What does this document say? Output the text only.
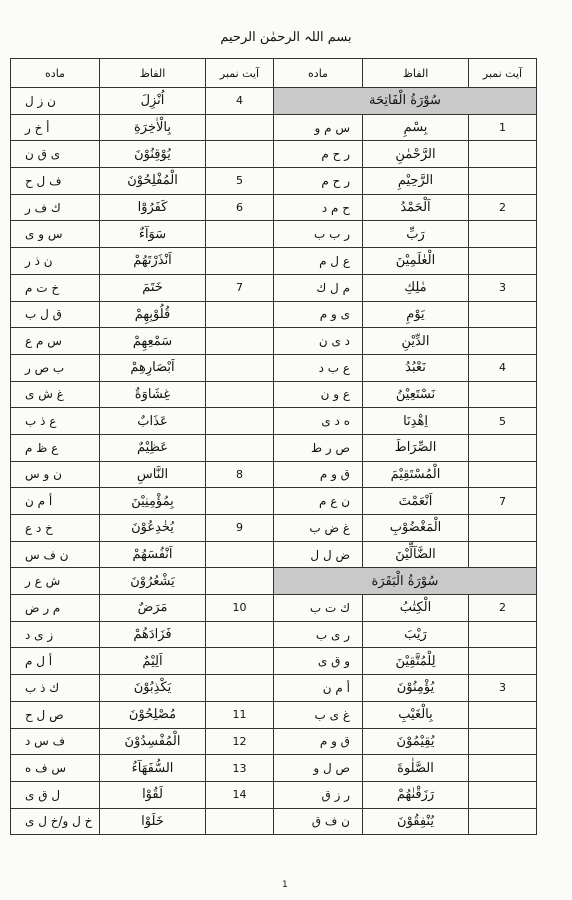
بسم اللہ الرحمٰن الرحیم
آیت نمبر	الفاظ	ماده	آیت نمبر	الفاظ	ماده
سُوْرَةُ الْفَاتِحَة			4	اُنْزِلَ	ن ز ل
1	بِسْمِ	س م و		بِالْاٰخِرَةِ	أ خ ر
	الرَّحْمٰنِ	ر ح م		يُوْقِنُوْنَ	ی ق ن
	الرَّحِيْمِ	ر ح م	5	الْمُفْلِحُوْنَ	ف ل ح
2	اَلْحَمْدُ	ح م د	6	كَفَرُوْا	ك ف ر
	رَبِّ	ر ب ب		سَوَآءٌ	س و ی
	الْعٰلَمِيْنَ	ع ل م		اَنْذَرْتَهُمْ	ن ذ ر
3	مٰلِكِ	م ل ك	7	خَتَمَ	خ ت م
	يَوْمِ	ی و م		قُلُوْبِهِمْ	ق ل ب
	الدِّيْنِ	د ی ن		سَمْعِهِمْ	س م ع
4	نَعْبُدُ	ع ب د		اَبْصَارِهِمْ	ب ص ر
	نَسْتَعِيْنُ	ع و ن		غِشَاوَةٌ	غ ش ی
5	اِهْدِنَا	ه د ی		عَذَابٌ	ع ذ ب
	الصِّرَاطَ	ص ر ط		عَظِيْمٌ	ع ظ م
	الْمُسْتَقِيْمَ	ق و م	8	النَّاسِ	ن و س
7	اَنْعَمْتَ	ن ع م		بِمُؤْمِنِيْنَ	أ م ن
	الْمَغْضُوْبِ	غ ض ب	9	يُخٰدِعُوْنَ	خ د ع
	الضَّآلِّيْنَ	ض ل ل		اَنْفُسَهُمْ	ن ف س
سُوْرَةُ الْبَقَرَة				يَشْعُرُوْنَ	ش ع ر
2	الْكِتٰبُ	ك ت ب	10	مَرَضٌ	م ر ض
	رَيْبَ	ر ی ب		فَزَادَهُمْ	ز ی د
	لِلْمُتَّقِيْنَ	و ق ی		اَلِيْمٌ	أ ل م
3	يُؤْمِنُوْنَ	أ م ن		يَكْذِبُوْنَ	ك ذ ب
	بِالْغَيْبِ	غ ی ب	11	مُصْلِحُوْنَ	ص ل ح
	يُقِيْمُوْنَ	ق و م	12	الْمُفْسِدُوْنَ	ف س د
	الصَّلٰوةَ	ص ل و	13	السُّفَهَآءُ	س ف ه
	رَزَقْنٰهُمْ	ر ز ق	14	لَقُوْا	ل ق ی
	يُنْفِقُوْنَ	ن ف ق		خَلَوْا	خ ل و/خ ل ی
1
